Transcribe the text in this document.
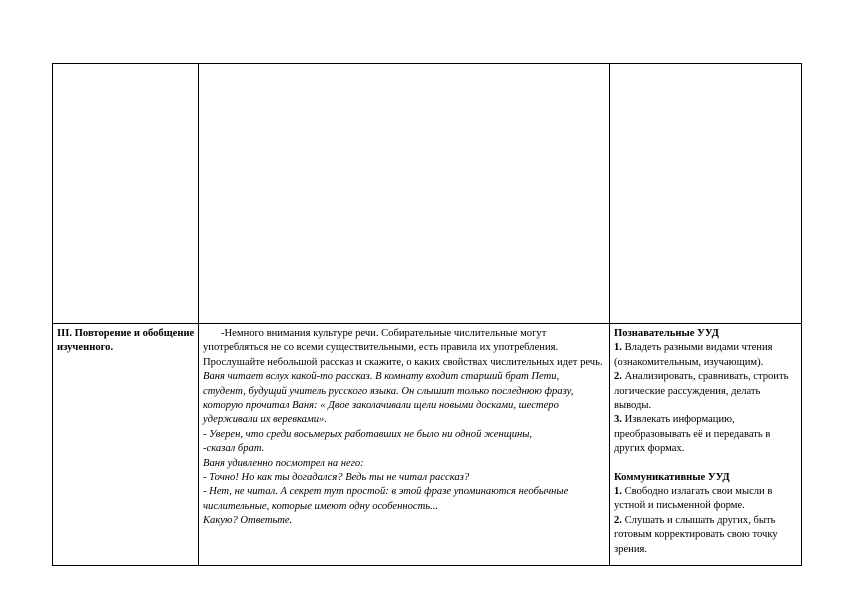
III. Повторение и обобщение изученного.

-Немного внимания культуре речи. Собирательные числительные могут употребляться не со всеми существительными, есть правила их употребления. Прослушайте небольшой рассказ и скажите, о каких свойствах числительных идет речь.

Ваня читает вслух какой-то рассказ. В комнату входит старший брат Пети, студент, будущий учитель русского языка. Он слышит только последнюю фразу, которую прочитал Ваня: « Двое заколачивали щели новыми досками, шестеро удерживали их веревками».

- Уверен, что среди восьмерых работавших не было ни одной женщины,

-сказал брат.

Ваня удивленно посмотрел на него:

- Точно! Но как ты догадался? Ведь ты не читал рассказ?

- Нет, не читал. А секрет тут простой: в этой фразе упоминаются необычные числительные, которые имеют одну особенность...

Какую? Ответьте.

Познавательные УУД

1. Владеть разными видами чтения (ознакомительным, изучающим).

2. Анализировать, сравнивать, строить логические рассуждения, делать выводы.

3. Извлекать информацию, преобразовывать её и передавать в других формах.

Коммуникативные УУД

1. Свободно излагать свои мысли в устной и письменной форме.

2. Слушать и слышать других, быть готовым корректировать свою точку зрения.
